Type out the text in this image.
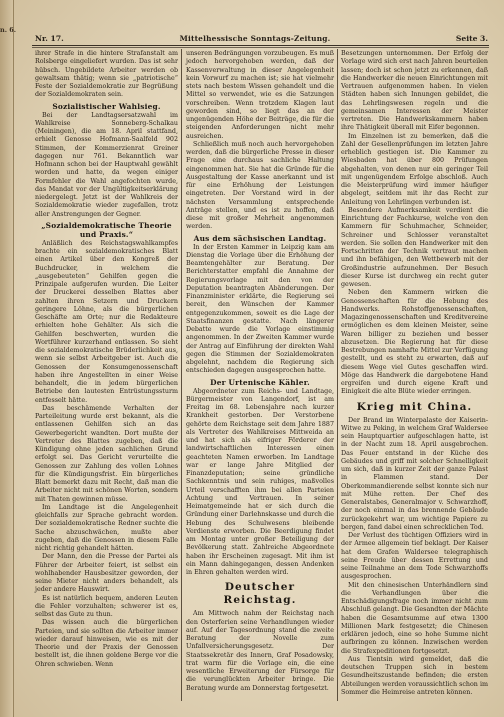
n. 6.
Nr. 17.	Mittelhessische Sonntags-Zeitung.	Seite 3.

ihrer Strafe in die hintere Strafanstalt am Rolsberge eingeliefert wurden. Das ist sehr hübsch. Ungebildete Arbeiter werden ob gewaltsam thätig; wenn sie „patriotische“ Feste der Sozialdemokratie zur Begrüßung der Sozialdemokraten sein.

Sozialistischer Wahlsieg.

Bei der Landtagsersatzwahl im Wahlkreise Sonneberg-Schalkau (Meiningen), die am 18. April stattfand, erhielt Genosse Hofmann-Saalfeld 902 Stimmen, der Kommerzienrat Greiner dagegen nur 761. Bekanntlich war Hofmann schon bei der Hauptwahl gewählt worden und hatte, da wegen einiger Formfehler die Wahl angefochten wurde, das Mandat vor der Ungültigkeitserklärung niedergelegt. Jetzt ist der Wahlkreis der Sozialdemokratie wieder zugefallen, trotz aller Anstrengungen der Gegner.

„Sozialdemokratische Theorie und Praxis.“

Anläßlich des Reichstagswahlkampfes brachte ein sozialdemokratisches Blatt einen Artikel über den Kongreß der Buchdrucker, in welchem die „ausgebeuteten“ Gehilfen gegen die Prinzipale aufgerufen wurden. Die Leiter der Druckerei desselben Blattes aber zahlten ihren Setzern und Druckern geringere Löhne, als die bürgerlichen Geschäfte am Orte; nur die Redakteure erhielten hohe Gehälter. Als sich die Gehilfen beschwerten, wurden die Wortführer kurzerhand entlassen. So sieht die sozialdemokratische Brüderlichkeit aus, wenn sie selbst Arbeitgeber ist. Auch die Genossen der Konsumgenossenschaft haben ihre Angestellten in einer Weise behandelt, die in jedem bürgerlichen Betriebe den lautesten Entrüstungssturm entfesselt hätte.

Das beschämende Verhalten der Parteileitung wurde erst bekannt, als die entlassenen Gehilfen sich an das Gewerbegericht wandten. Dort mußte der Vertreter des Blattes zugeben, daß die Kündigung ohne jeden sachlichen Grund erfolgt sei. Das Gericht verurteilte die Genossen zur Zahlung des vollen Lohnes für die Kündigungsfrist. Ein bürgerliches Blatt bemerkt dazu mit Recht, daß man die Arbeiter nicht mit schönen Worten, sondern mit Thaten gewinnen müsse.

Im Landtage ist die Angelegenheit gleichfalls zur Sprache gebracht worden. Der sozialdemokratische Redner suchte die Sache abzuschwächen, mußte aber zugeben, daß die Genossen in diesem Falle nicht richtig gehandelt hätten.

Der Mann, den die Presse der Partei als Führer der Arbeiter feiert, ist selbst ein wohlhabender Hausbesitzer geworden, der seine Mieter nicht anders behandelt, als jeder andere Hauswirt.

Es ist natürlich bequem, anderen Leuten die Fehler vorzuhalten; schwerer ist es, selbst das Gute zu thun.

Das wissen auch die bürgerlichen Parteien, und sie sollten die Arbeiter immer wieder darauf hinweisen, wie es mit der Theorie und der Praxis der Genossen bestellt ist, die ihnen goldene Berge vor die Ohren schwieben. Wenn

unseren Bedrängungen vorzubeugen. Es muß jedoch hervorgehoben werden, daß der Kassenverwaltung in dieser Angelegenheit kein Vorwurf zu machen ist; sie hat vielmehr stets nach bestem Wissen gehandelt und die Mittel so verwendet, wie es die Satzungen vorschreiben. Wenn trotzdem Klagen laut geworden sind, so liegt das an der ungenügenden Höhe der Beiträge, die für die steigenden Anforderungen nicht mehr ausreichen.

Schließlich muß noch auch hervorgehoben werden, daß die bürgerliche Presse in dieser Frage eine durchaus sachliche Haltung eingenommen hat. Sie hat die Gründe für die Ausgestaltung der Kasse anerkannt und ist für eine Erhöhung der Leistungen eingetreten. Der Vorstand wird in der nächsten Versammlung entsprechende Anträge stellen, und es ist zu hoffen, daß diese mit großer Mehrheit angenommen werden.

Aus dem sächsischen Landtag.

In der Ersten Kammer in Leipzig kam am Dienstag die Vorlage über die Erhöhung der Beamtengehälter zur Beratung. Der Berichterstatter empfahl die Annahme der Regierungsvorlage mit den von der Deputation beantragten Abänderungen. Der Finanzminister erklärte, die Regierung sei bereit, den Wünschen der Kammer entgegenzukommen, soweit es die Lage der Staatsfinanzen gestatte. Nach längerer Debatte wurde die Vorlage einstimmig angenommen. In der Zweiten Kammer wurde der Antrag auf Einführung der direkten Wahl gegen die Stimmen der Sozialdemokraten abgelehnt, nachdem die Regierung sich entschieden dagegen ausgesprochen hatte.

Der Urtenische Kähler.

Abgeordneter zum Reichs- und Landtage, Bürgermeister von Langendorf, ist am Freitag im 68. Lebensjahre nach kurzer Krankheit gestorben. Der Verstorbene gehörte dem Reichstage seit dem Jahre 1887 als Vertreter des Wahlkreises Mittweida an und hat sich als eifriger Förderer der landwirtschaftlichen Interessen einen geachteten Namen erworben. Im Landtage war er lange Jahre Mitglied der Finanzdeputation; seine gründliche Sachkenntnis und sein ruhiges, maßvolles Urteil verschafften ihm bei allen Parteien Achtung und Vertrauen. In seiner Heimatgemeinde hat er sich durch die Gründung einer Darlehnskasse und durch die Hebung des Schulwesens bleibende Verdienste erworben. Die Beerdigung findet am Montag unter großer Beteiligung der Bevölkerung statt. Zahlreiche Abgeordnete haben ihr Erscheinen zugesagt. Mit ihm ist ein Mann dahingegangen, dessen Andenken in Ehren gehalten werden wird.

Deutscher Reichstag.

Am Mittwoch nahm der Reichstag nach den Osterferien seine Verhandlungen wieder auf. Auf der Tagesordnung stand die zweite Beratung der Novelle zum Unfallversicherungsgesetz. Der Staatssekretär des Innern, Graf Posadowsky, trat warm für die Vorlage ein, die eine wesentliche Erweiterung der Fürsorge für die verunglückten Arbeiter bringe. Die Beratung wurde am Donnerstag fortgesetzt.

Besetzungen unternommen. Der Erfolg der Vorlage wird sich erst nach Jahren beurteilen lassen; doch ist schon jetzt zu erkennen, daß die Handwerker die neuen Einrichtungen mit Vertrauen aufgenommen haben. In vielen Städten haben sich Innungen gebildet, die das Lehrlingswesen regeln und die gemeinsamen Interessen der Meister vertreten. Die Handwerkskammern haben ihre Thätigkeit überall mit Eifer begonnen.

Im Einzelnen ist zu bemerken, daß die Zahl der Gesellenprüfungen im letzten Jahre erheblich gestiegen ist. Die Kammer zu Wiesbaden hat über 800 Prüfungen abgehalten, von denen nur ein geringer Teil mit ungenügendem Erfolge abschloß. Auch die Meisterprüfung wird immer häufiger abgelegt, seitdem mit ihr das Recht zur Anleitung von Lehrlingen verbunden ist.

Besondere Aufmerksamkeit verdient die Einrichtung der Fachkurse, welche von den Kammern für Schuhmacher, Schneider, Schreiner und Schlosser veranstaltet werden. Sie sollen den Handwerker mit den Fortschritten der Technik vertraut machen und ihn befähigen, den Wettbewerb mit der Großindustrie aufzunehmen. Der Besuch dieser Kurse ist durchweg ein recht guter gewesen.

Neben den Kammern wirken die Genossenschaften für die Hebung des Handwerks. Rohstoffgenossenschaften, Magazingenossenschaften und Kreditvereine ermöglichen es dem kleinen Meister, seine Waren billiger zu beziehen und besser abzusetzen. Die Regierung hat für diese Bestrebungen namhafte Mittel zur Verfügung gestellt, und es steht zu erwarten, daß auf diesem Wege viel Gutes geschaffen wird. Möge das Handwerk die dargebotene Hand ergreifen und durch eigene Kraft und Einigkeit die alte Blüte wieder erringen.

Krieg mit China.

Der Brand im Winterpalaste der Kaiserin-Witwe zu Peking, in welchem Graf Waldersee sein Hauptquartier aufgeschlagen hatte, ist in der Nacht zum 18. April ausgebrochen. Das Feuer entstand in der Küche des Gebäudes und griff mit solcher Schnelligkeit um sich, daß in kurzer Zeit der ganze Palast in Flammen stand. Der Oberkommandierende selbst konnte sich nur mit Mühe retten. Der Chef des Generalstabes, Generalmajor v. Schwarzhoff, der noch einmal in das brennende Gebäude zurückgekehrt war, um wichtige Papiere zu bergen, fand dabei einen schrecklichen Tod.

Der Verlust des tüchtigen Offiziers wird in der Armee allgemein tief beklagt. Der Kaiser hat dem Grafen Waldersee telegraphisch seine Freude über dessen Errettung und seine Teilnahme an dem Tode Schwarzhoffs ausgesprochen.

Mit den chinesischen Unterhändlern sind die Verhandlungen über die Entschädigungsfrage noch immer nicht zum Abschluß gelangt. Die Gesandten der Mächte haben die Gesamtsumme auf etwa 1300 Millionen Mark festgesetzt; die Chinesen erklären jedoch, eine so hohe Summe nicht aufbringen zu können. Inzwischen werden die Strafexpeditionen fortgesetzt.

Aus Tientsin wird gemeldet, daß die deutschen Truppen sich in bestem Gesundheitszustande befinden; die ersten Abteilungen werden voraussichtlich schon im Sommer die Heimreise antreten können.
